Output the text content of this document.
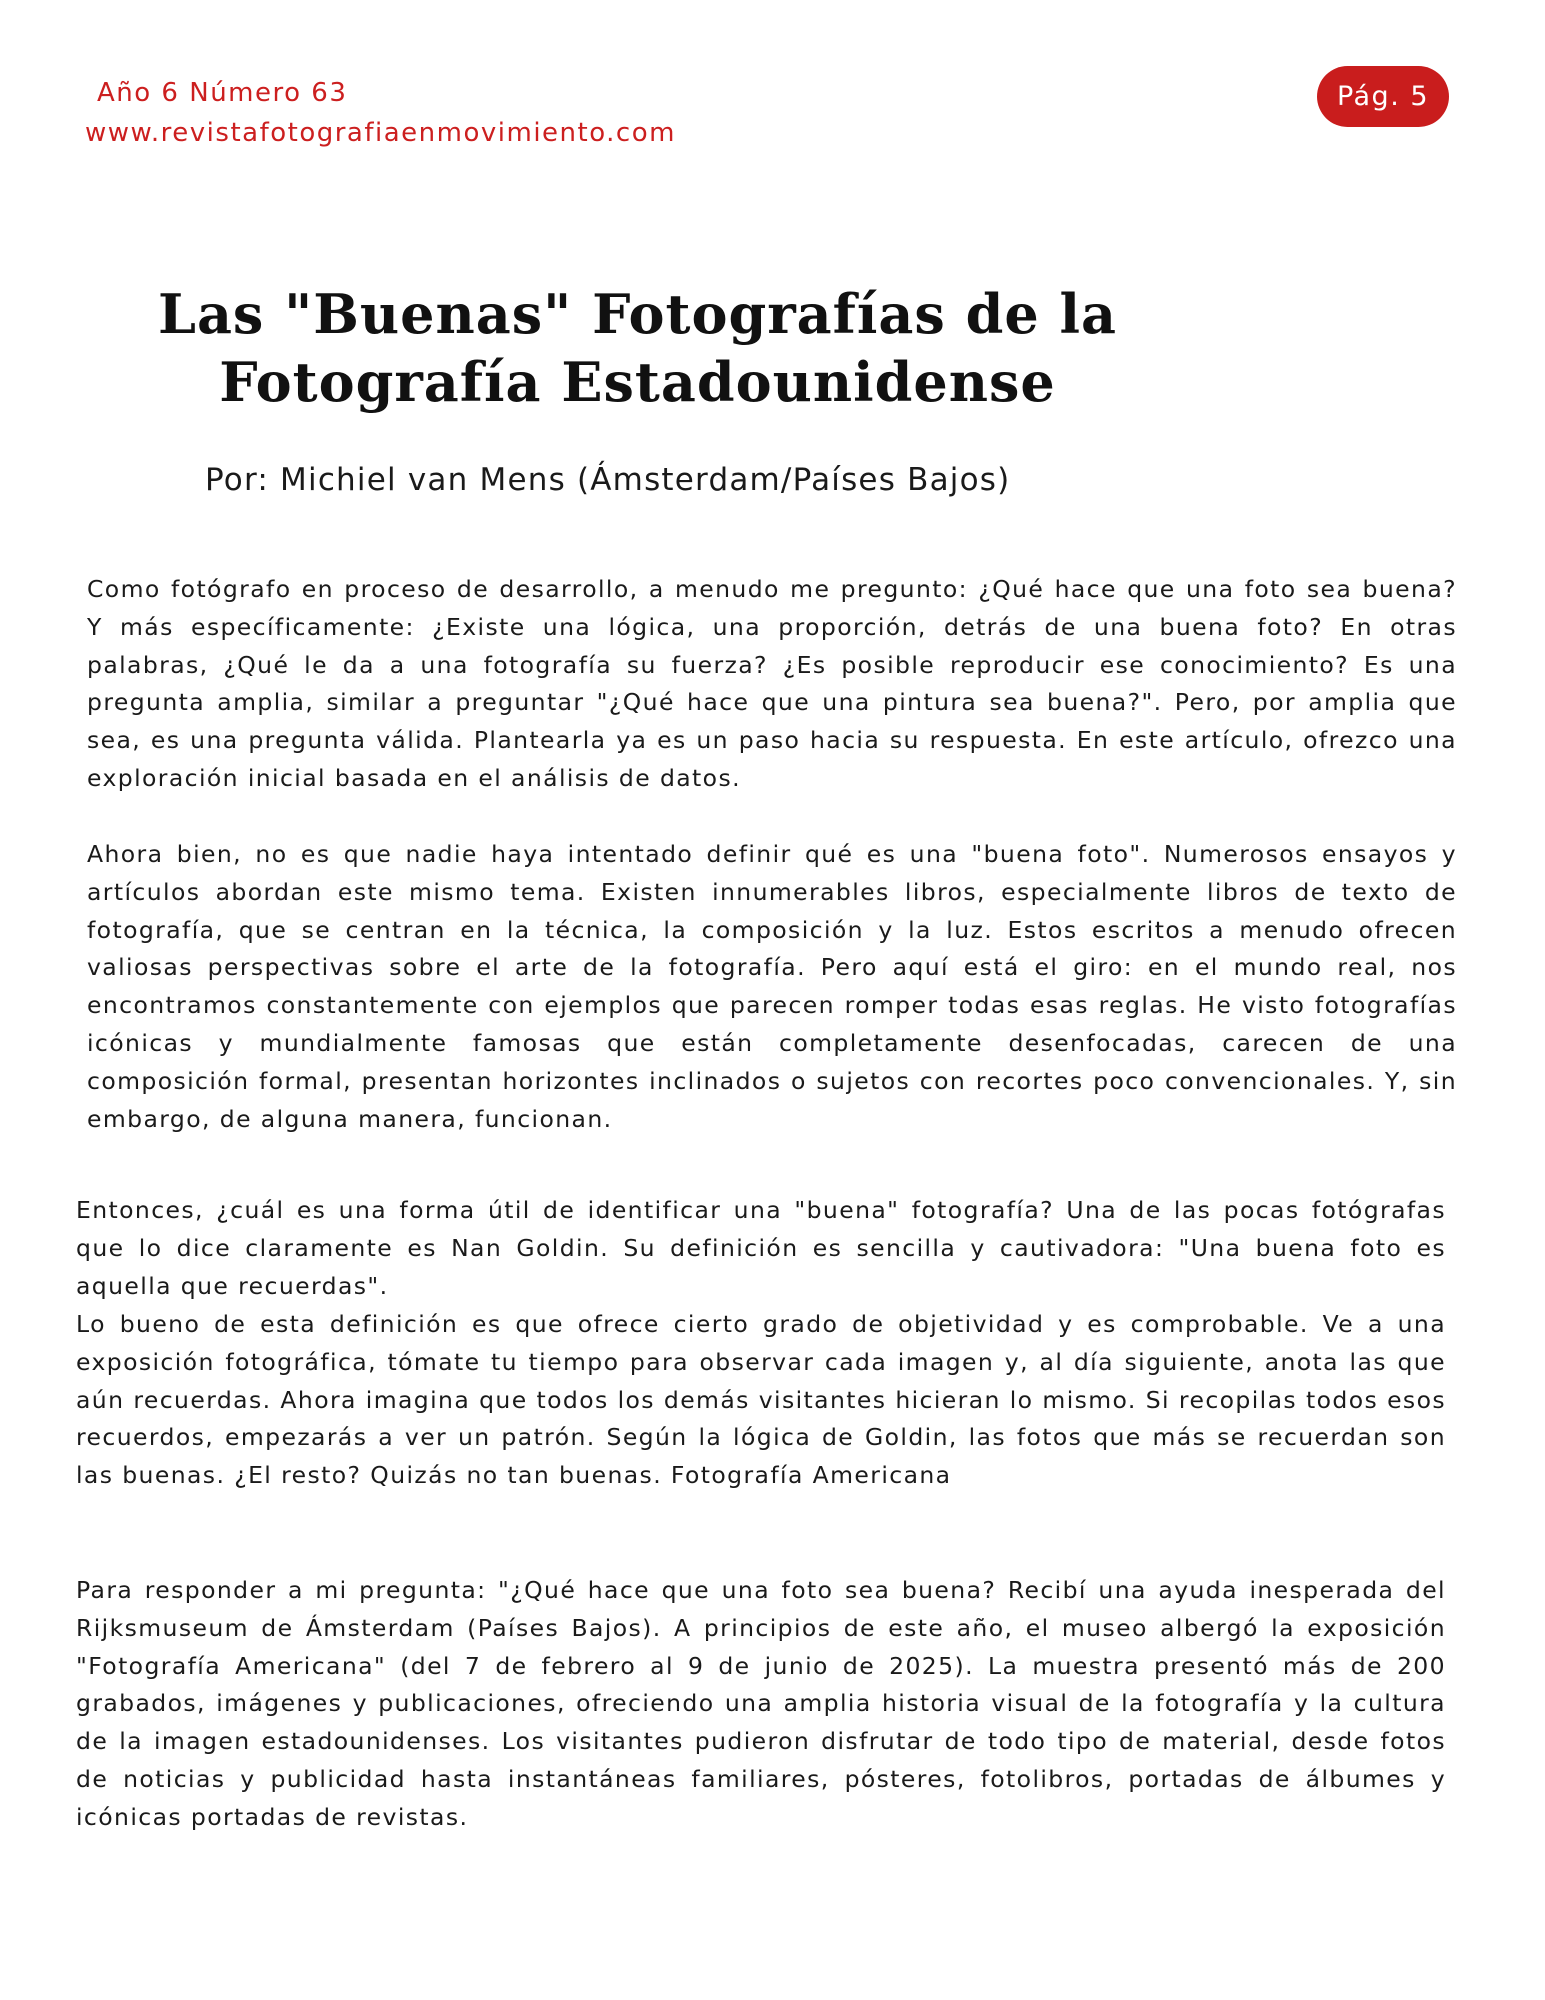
Año 6 Número 63
www.revistafotografiaenmovimiento.com
Pág. 5
Las "Buenas" Fotografías de la
Fotografía Estadounidense
Por: Michiel van Mens (Ámsterdam/Países Bajos)

Como fotógrafo en proceso de desarrollo, a menudo me pregunto: ¿Qué hace que una foto sea buena? Y más específicamente: ¿Existe una lógica, una proporción, detrás de una buena foto? En otras palabras, ¿Qué le da a una fotografía su fuerza? ¿Es posible reproducir ese conocimiento? Es una pregunta amplia, similar a preguntar "¿Qué hace que una pintura sea buena?". Pero, por amplia que sea, es una pregunta válida. Plantearla ya es un paso hacia su respuesta. En este artículo, ofrezco una exploración inicial basada en el análisis de datos.

Ahora bien, no es que nadie haya intentado definir qué es una "buena foto". Numerosos ensayos y artículos abordan este mismo tema. Existen innumerables libros, especialmente libros de texto de fotografía, que se centran en la técnica, la composición y la luz. Estos escritos a menudo ofrecen valiosas perspectivas sobre el arte de la fotografía. Pero aquí está el giro: en el mundo real, nos encontramos constantemente con ejemplos que parecen romper todas esas reglas. He visto fotografías icónicas y mundialmente famosas que están completamente desenfocadas, carecen de una composición formal, presentan horizontes inclinados o sujetos con recortes poco convencionales. Y, sin embargo, de alguna manera, funcionan.

Entonces, ¿cuál es una forma útil de identificar una "buena" fotografía? Una de las pocas fotógrafas que lo dice claramente es Nan Goldin. Su definición es sencilla y cautivadora: "Una buena foto es aquella que recuerdas".

Lo bueno de esta definición es que ofrece cierto grado de objetividad y es comprobable. Ve a una exposición fotográfica, tómate tu tiempo para observar cada imagen y, al día siguiente, anota las que aún recuerdas. Ahora imagina que todos los demás visitantes hicieran lo mismo. Si recopilas todos esos recuerdos, empezarás a ver un patrón. Según la lógica de Goldin, las fotos que más se recuerdan son las buenas. ¿El resto? Quizás no tan buenas. Fotografía Americana

Para responder a mi pregunta: "¿Qué hace que una foto sea buena? Recibí una ayuda inesperada del Rijksmuseum de Ámsterdam (Países Bajos). A principios de este año, el museo albergó la exposición "Fotografía Americana" (del 7 de febrero al 9 de junio de 2025). La muestra presentó más de 200 grabados, imágenes y publicaciones, ofreciendo una amplia historia visual de la fotografía y la cultura de la imagen estadounidenses. Los visitantes pudieron disfrutar de todo tipo de material, desde fotos de noticias y publicidad hasta instantáneas familiares, pósteres, fotolibros, portadas de álbumes y icónicas portadas de revistas.
